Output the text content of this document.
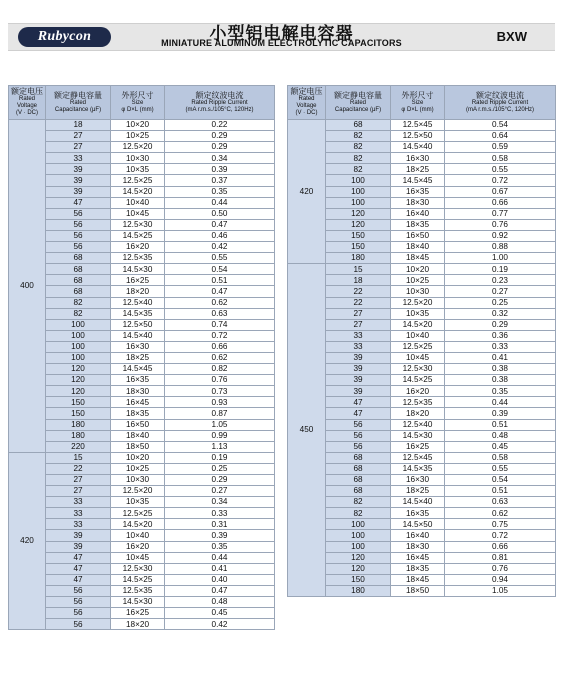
Rubycon	小型铝电解电容器
MINIATURE ALUMINUM ELECTROLYTIC CAPACITORS	BXW
额定电压
Rated
Voltage
(V · DC)	额定静电容量
Rated
Capacitance (μF)	外形尺寸
Size
φ D×L (mm)	额定纹波电流
Rated Ripple Current
(mA r.m.s./105°C, 120Hz)

400	18	10×20	0.22
	27	10×25	0.29
	27	12.5×20	0.29
	33	10×30	0.34
	39	10×35	0.39
	39	12.5×25	0.37
	39	14.5×20	0.35
	47	10×40	0.44
	56	10×45	0.50
	56	12.5×30	0.47
	56	14.5×25	0.46
	56	16×20	0.42
	68	12.5×35	0.55
	68	14.5×30	0.54
	68	16×25	0.51
	68	18×20	0.47
	82	12.5×40	0.62
	82	14.5×35	0.63
	100	12.5×50	0.74
	100	14.5×40	0.72
	100	16×30	0.66
	100	18×25	0.62
	120	14.5×45	0.82
	120	16×35	0.76
	120	18×30	0.73
	150	16×45	0.93
	150	18×35	0.87
	180	16×50	1.05
	180	18×40	0.99
	220	18×50	1.13
420	15	10×20	0.19
	22	10×25	0.25
	27	10×30	0.29
	27	12.5×20	0.27
	33	10×35	0.34
	33	12.5×25	0.33
	33	14.5×20	0.31
	39	10×40	0.39
	39	16×20	0.35
	47	10×45	0.44
	47	12.5×30	0.41
	47	14.5×25	0.40
	56	12.5×35	0.47
	56	14.5×30	0.48
	56	16×25	0.45
	56	18×20	0.42
额定电压
Rated
Voltage
(V · DC)	额定静电容量
Rated
Capacitance (μF)	外形尺寸
Size
φ D×L (mm)	额定纹波电流
Rated Ripple Current
(mA r.m.s./105°C, 120Hz)

420	68	12.5×45	0.54
	82	12.5×50	0.64
	82	14.5×40	0.59
	82	16×30	0.58
	82	18×25	0.55
	100	14.5×45	0.72
	100	16×35	0.67
	100	18×30	0.66
	120	16×40	0.77
	120	18×35	0.76
	150	16×50	0.92
	150	18×40	0.88
	180	18×45	1.00
450	15	10×20	0.19
	18	10×25	0.23
	22	10×30	0.27
	22	12.5×20	0.25
	27	10×35	0.32
	27	14.5×20	0.29
	33	10×40	0.36
	33	12.5×25	0.33
	39	10×45	0.41
	39	12.5×30	0.38
	39	14.5×25	0.38
	39	16×20	0.35
	47	12.5×35	0.44
	47	18×20	0.39
	56	12.5×40	0.51
	56	14.5×30	0.48
	56	16×25	0.45
	68	12.5×45	0.58
	68	14.5×35	0.55
	68	16×30	0.54
	68	18×25	0.51
	82	14.5×40	0.63
	82	16×35	0.62
	100	14.5×50	0.75
	100	16×40	0.72
	100	18×30	0.66
	120	16×45	0.81
	120	18×35	0.76
	150	18×45	0.94
	180	18×50	1.05
